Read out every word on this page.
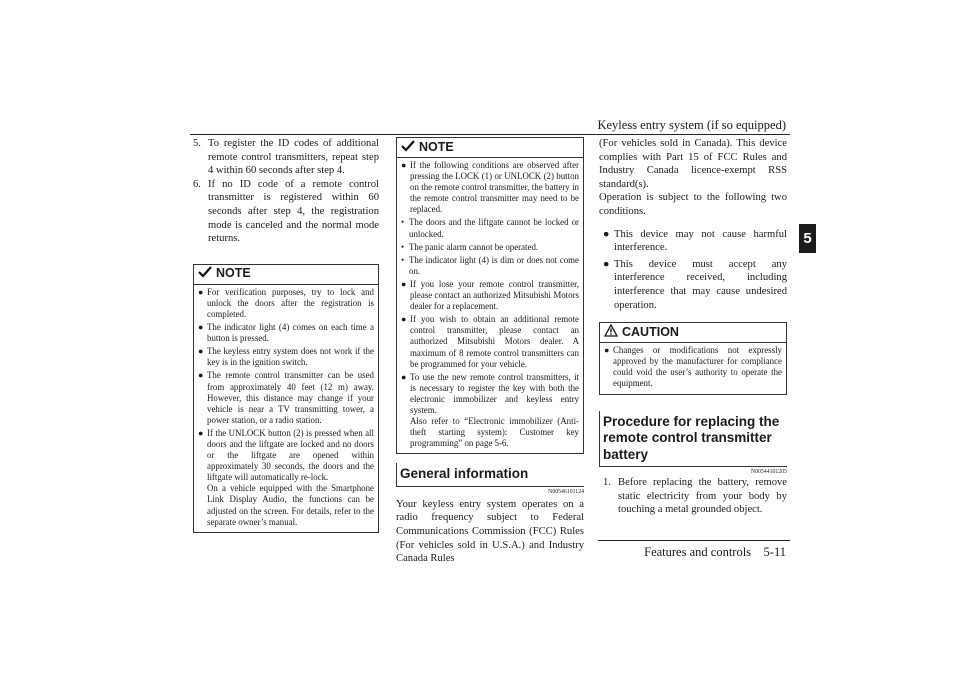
Keyless entry system (if so equipped)
5
5. To register the ID codes of additional remote control transmitters, repeat step 4 within 60 seconds after step 4.
6. If no ID code of a remote control transmitter is registered within 60 seconds after step 4, the registration mode is canceled and the normal mode returns.
NOTE
● For verification purposes, try to lock and unlock the doors after the registration is completed.
● The indicator light (4) comes on each time a button is pressed.
● The keyless entry system does not work if the key is in the ignition switch.
● The remote control transmitter can be used from approximately 40 feet (12 m) away. However, this distance may change if your vehicle is near a TV transmitting tower, a power station, or a radio station.
● If the UNLOCK button (2) is pressed when all doors and the liftgate are locked and no doors or the liftgate are opened within approximately 30 seconds, the doors and the liftgate will automatically re-lock.
On a vehicle equipped with the Smartphone Link Display Audio, the functions can be adjusted on the screen. For details, refer to the separate owner’s manual.
NOTE
● If the following conditions are observed after pressing the LOCK (1) or UNLOCK (2) button on the remote control transmitter, the battery in the remote control transmitter may need to be replaced.
• The doors and the liftgate cannot be locked or unlocked.
• The panic alarm cannot be operated.
• The indicator light (4) is dim or does not come on.
● If you lose your remote control transmitter, please contact an authorized Mitsubishi Motors dealer for a replacement.
● If you wish to obtain an additional remote control transmitter, please contact an authorized Mitsubishi Motors dealer. A maximum of 8 remote control transmitters can be programmed for your vehicle.
● To use the new remote control transmitters, it is necessary to register the key with both the electronic immobilizer and keyless entry system.
Also refer to “Electronic immobilizer (Anti-theft starting system): Customer key programming” on page 5-6.
General information
N00546101124

Your keyless entry system operates on a radio frequency subject to Federal Communications Commission (FCC) Rules (For vehicles sold in U.S.A.) and Industry Canada Rules

(For vehicles sold in Canada). This device complies with Part 15 of FCC Rules and Industry Canada licence-exempt RSS standard(s).

Operation is subject to the following two conditions.

● This device may not cause harmful interference.
● This device must accept any interference received, including interference that may cause undesired operation.
CAUTION
● Changes or modifications not expressly approved by the manufacturer for compliance could void the user’s authority to operate the equipment.
Procedure for replacing the remote control transmitter battery
N00544101205
1. Before replacing the battery, remove static electricity from your body by touching a metal grounded object.
Features and controls    5-11
